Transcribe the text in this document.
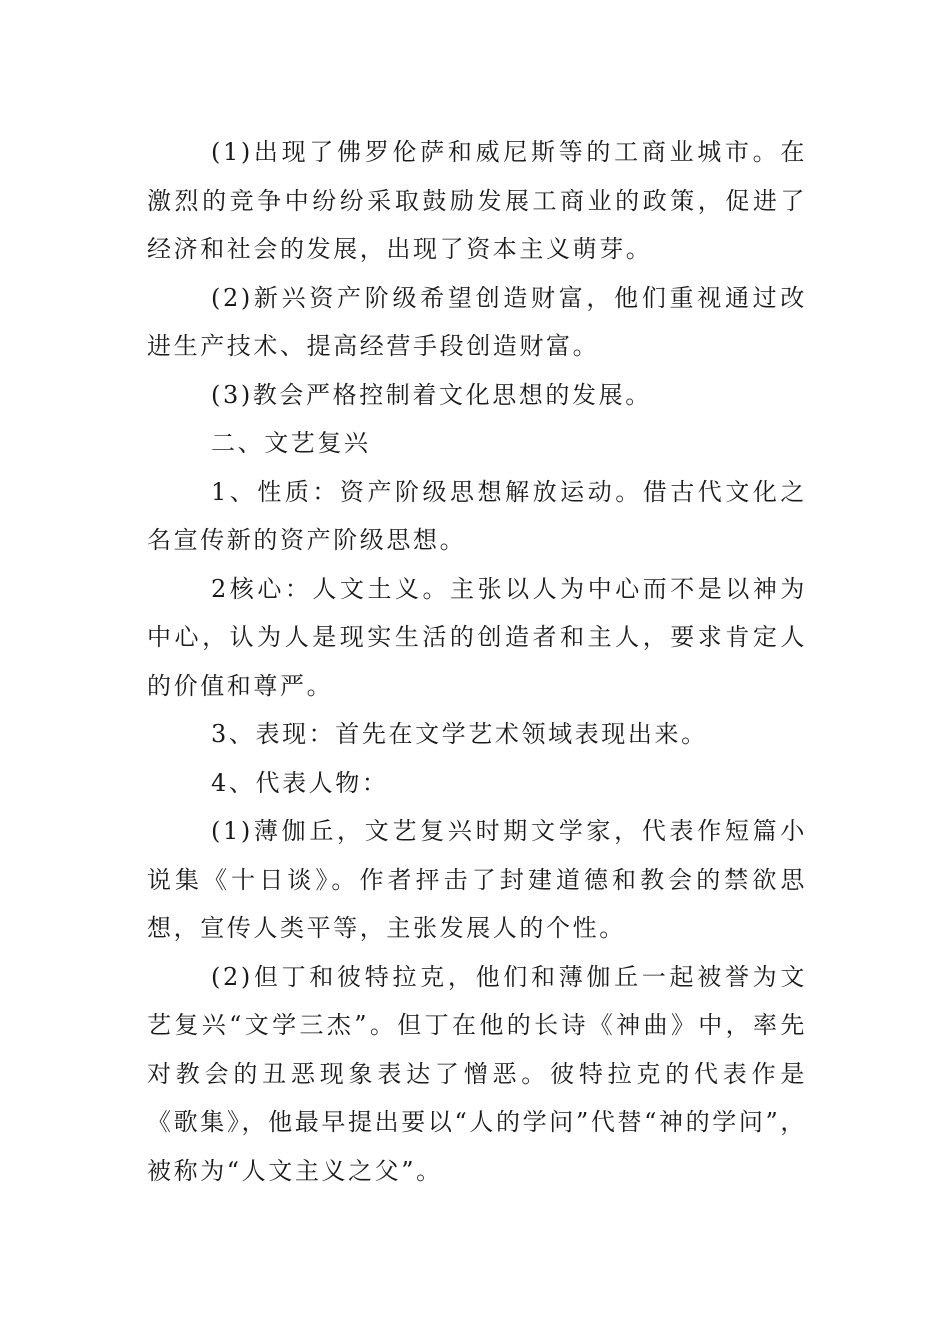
(1)出现了佛罗伦萨和威尼斯等的工商业城市。在激烈的竞争中纷纷采取鼓励发展工商业的政策，促进了经济和社会的发展，出现了资本主义萌芽。

(2)新兴资产阶级希望创造财富，他们重视通过改进生产技术、提高经营手段创造财富。

(3)教会严格控制着文化思想的发展。

二、文艺复兴

1、性质：资产阶级思想解放运动。借古代文化之名宣传新的资产阶级思想。

2核心：人文土义。主张以人为中心而不是以神为中心，认为人是现实生活的创造者和主人，要求肯定人的价值和尊严。

3、表现：首先在文学艺术领域表现出来。

4、代表人物：

(1)薄伽丘，文艺复兴时期文学家，代表作短篇小说集《十日谈》。作者抨击了封建道德和教会的禁欲思想，宣传人类平等，主张发展人的个性。

(2)但丁和彼特拉克，他们和薄伽丘一起被誉为文艺复兴“文学三杰”。但丁在他的长诗《神曲》中，率先对教会的丑恶现象表达了憎恶。彼特拉克的代表作是《歌集》，他最早提出要以“人的学问”代替“神的学问”，被称为“人文主义之父”。
